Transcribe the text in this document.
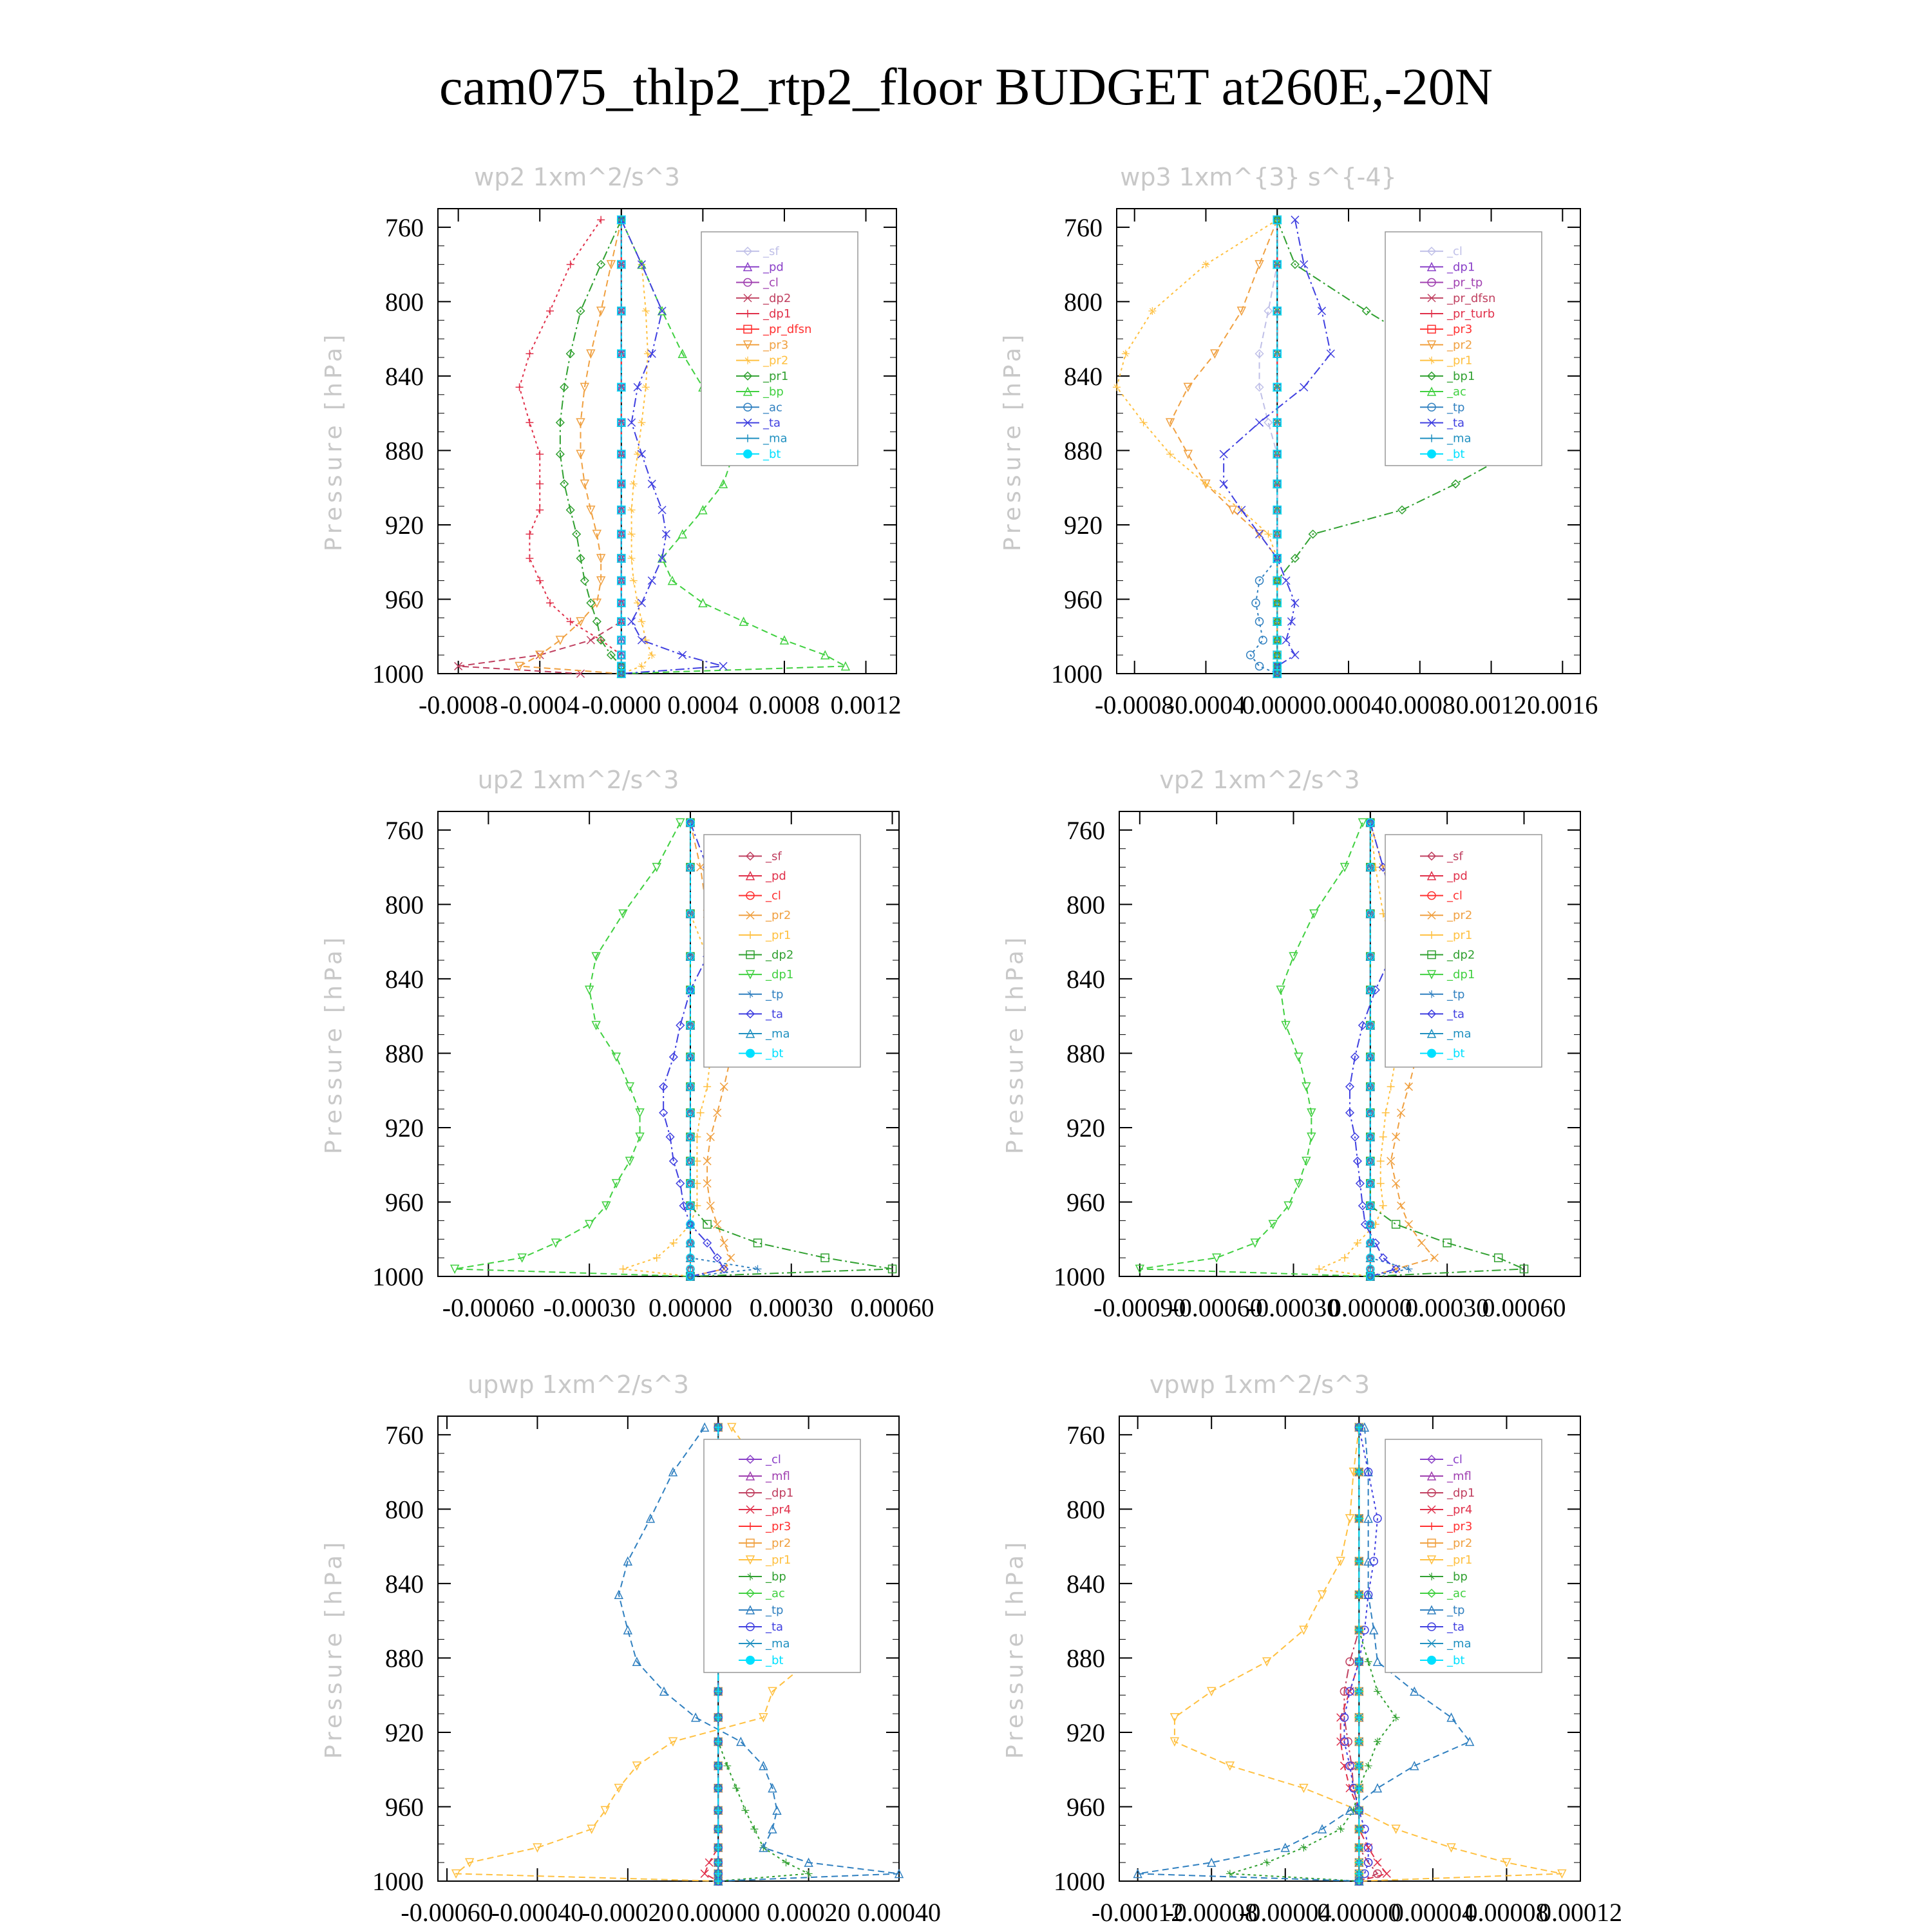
cam075_thlp2_rtp2_floor BUDGET at260E,-20N
wp2 1xm^2/s^3
Pressure [hPa]
760
800
840
880
920
960
1000
-0.0008 -0.0004 -0.0000 0.0004 0.0008 0.0012
_sf
_pd
_cl
_dp2
_dp1
_pr_dfsn
_pr3
_pr2
_pr1
_bp
_ac
_ta
_ma
_bt
wp3 1xm^{3} s^{-4}
Pressure [hPa]
760
800
840
880
920
960
1000
-0.0008
-0.0004
0.0000 0.0004 0.0008 0.0012 0.0016
_cl
_dp1
_pr_tp
_pr_dfsn
_pr_turb
_pr3
_pr2
_pr1
_bp1
_ac
_tp
_ta
_ma
_bt
up2 1xm^2/s^3
Pressure [hPa]
760
800
840
880
920
960
1000
-0.00060 -0.00030 0.00000 0.00030 0.00060
_sf
_pd
_cl
_pr2
_pr1
_dp2
_dp1
_tp
_ta
_ma
_bt
vp2 1xm^2/s^3
Pressure [hPa]
760
800
840
880
920
960
1000
-0.00090
-0.00060
-0.00030
0.00000
0.00030
0.00060
_sf
_pd
_cl
_pr2
_pr1
_dp2
_dp1
_tp
_ta
_ma
_bt
upwp 1xm^2/s^3
Pressure [hPa]
760
800
840
880
920
960
1000
-0.00060
-0.00040
-0.00020 0.00000 0.00020 0.00040
_cl
_mfl
_dp1
_pr4
_pr3
_pr2
_pr1
_bp
_ac
_tp
_ta
_ma
_bt
vpwp 1xm^2/s^3
Pressure [hPa]
760
800
840
880
920
960
1000
-0.00012
-0.00008
-0.00004
0.00000
0.00004
0.00008
0.00012
_cl
_mfl
_dp1
_pr4
_pr3
_pr2
_pr1
_bp
_ac
_tp
_ta
_ma
_bt
